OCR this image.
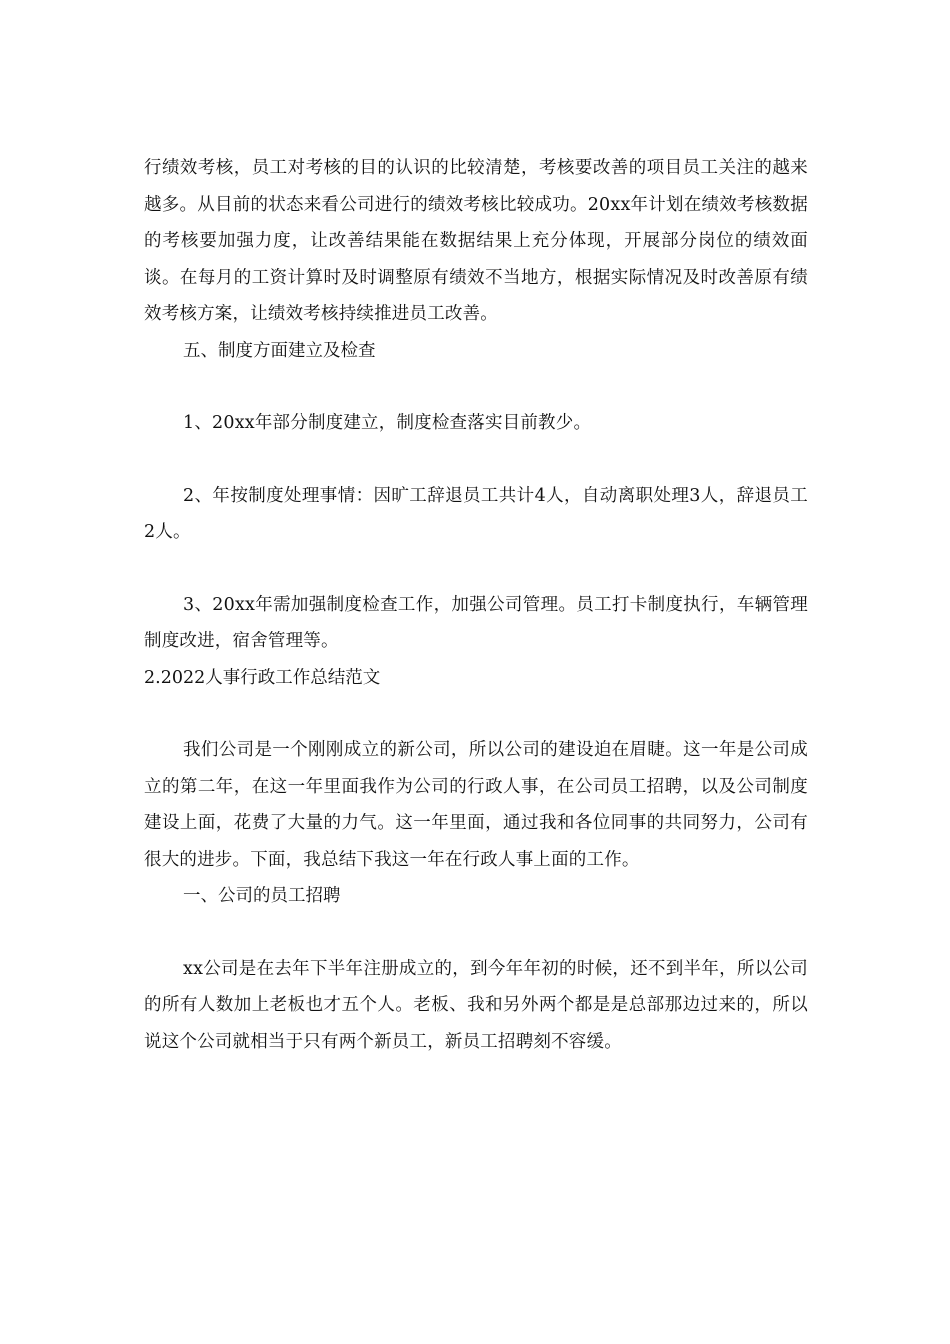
行绩效考核，员工对考核的目的认识的比较清楚，考核要改善的项目员工关注的越来越多。从目前的状态来看公司进行的绩效考核比较成功。20xx年计划在绩效考核数据的考核要加强力度，让改善结果能在数据结果上充分体现，开展部分岗位的绩效面谈。在每月的工资计算时及时调整原有绩效不当地方，根据实际情况及时改善原有绩效考核方案，让绩效考核持续推进员工改善。

五、制度方面建立及检查

1、20xx年部分制度建立，制度检查落实目前教少。

2、年按制度处理事情：因旷工辞退员工共计4人，自动离职处理3人，辞退员工2人。

3、20xx年需加强制度检查工作，加强公司管理。员工打卡制度执行，车辆管理制度改进，宿舍管理等。

2.2022人事行政工作总结范文

我们公司是一个刚刚成立的新公司，所以公司的建设迫在眉睫。这一年是公司成立的第二年，在这一年里面我作为公司的行政人事，在公司员工招聘，以及公司制度建设上面，花费了大量的力气。这一年里面，通过我和各位同事的共同努力，公司有很大的进步。下面，我总结下我这一年在行政人事上面的工作。

一、公司的员工招聘

xx公司是在去年下半年注册成立的，到今年年初的时候，还不到半年，所以公司的所有人数加上老板也才五个人。老板、我和另外两个都是是总部那边过来的，所以说这个公司就相当于只有两个新员工，新员工招聘刻不容缓。
